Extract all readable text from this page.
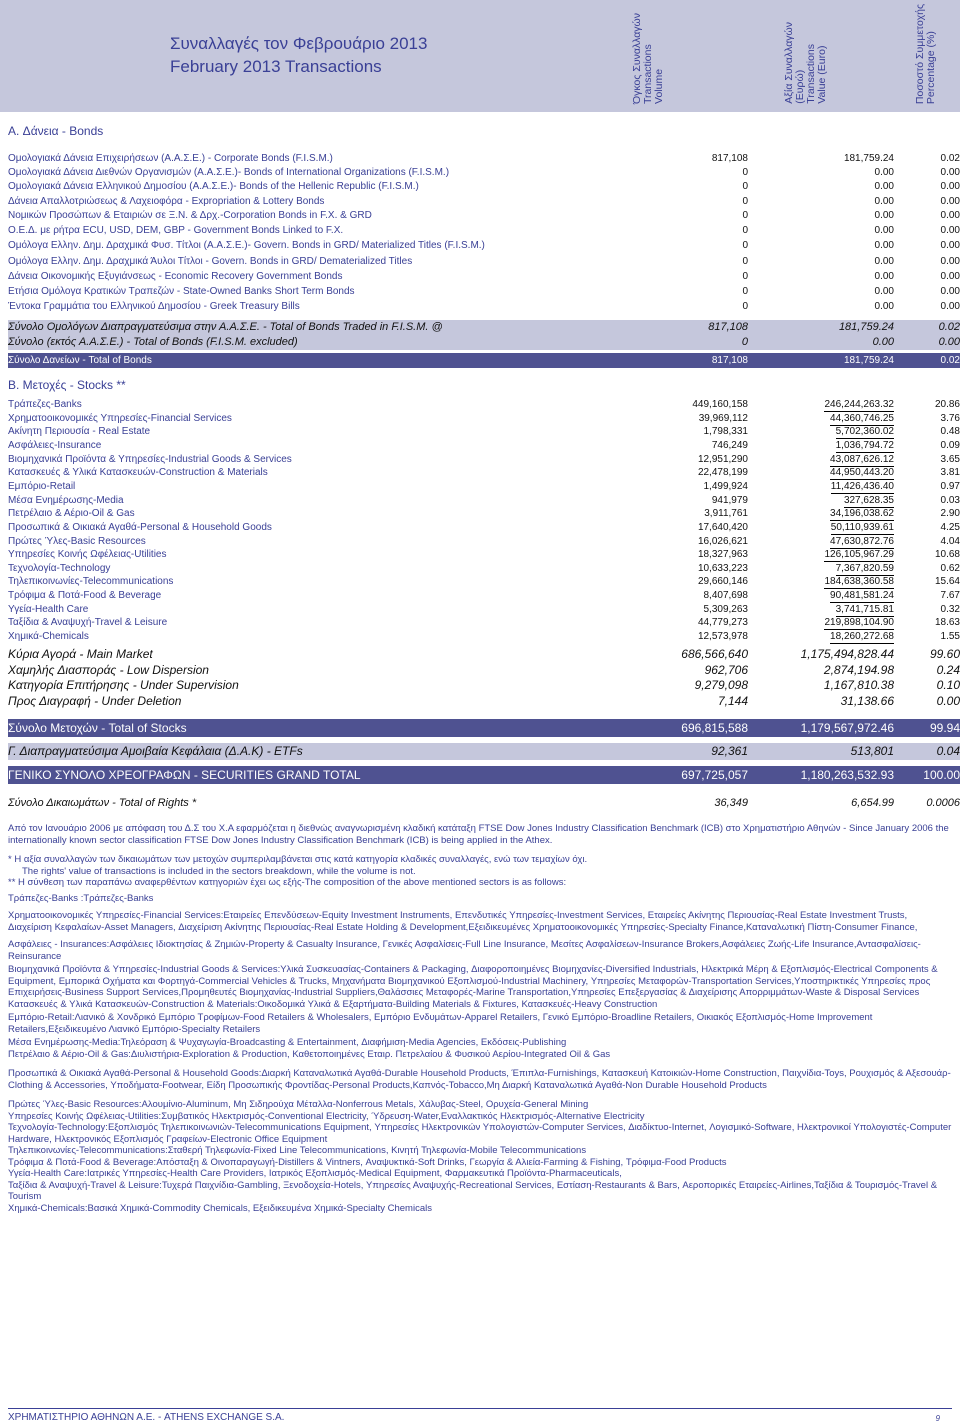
Συναλλαγές τον Φεβρουάριο 2013
February 2013 Transactions	Όγκος Συναλλαγών
Transactions
Volume	Αξία Συναλλαγών
(Ευρώ)
Transactions
Value (Euro)	Ποσοστό Συμμετοχής
Percentage (%)
A. Δάνεια - Bonds
Ομολογιακά Δάνεια Επιχειρήσεων (Α.Α.Σ.Ε.) - Corporate Bonds (F.I.S.M.)	817,108	181,759.24	0.02
Ομολογιακά Δάνεια Διεθνών Οργανισμών (Α.Α.Σ.Ε.)- Bonds of International Organizations (F.I.S.M.)	0	0.00	0.00
Ομολογιακά Δάνεια Ελληνικού Δημοσίου (Α.Α.Σ.Ε.)- Bonds of the Hellenic Republic (F.I.S.M.)	0	0.00	0.00
Δάνεια Απαλλοτριώσεως & Λαχειοφόρα - Expropriation & Lottery Bonds	0	0.00	0.00
Νομικών Προσώπων & Εταιριών σε Ξ.Ν. & Δρχ.-Corporation Bonds in F.X. & GRD	0	0.00	0.00
Ο.Ε.Δ. με ρήτρα ECU, USD, DEM, GBP - Government Bonds Linked to F.X.	0	0.00	0.00
Ομόλογα Ελλην. Δημ. Δραχμικά Φυσ. Τίτλοι (Α.Α.Σ.Ε.)- Govern. Bonds in GRD/ Materialized Titles (F.I.S.M.)	0	0.00	0.00
Ομόλογα Ελλην. Δημ. Δραχμικά Άυλοι Τίτλοι - Govern. Bonds in GRD/ Dematerialized Titles	0	0.00	0.00
Δάνεια Οικονομικής Εξυγιάνσεως - Economic Recovery Government Bonds	0	0.00	0.00
Ετήσια Ομόλογα Κρατικών Τραπεζών - State-Owned Banks Short Term Bonds	0	0.00	0.00
Έντοκα Γραμμάτια του Ελληνικού Δημοσίου - Greek Treasury Bills	0	0.00	0.00
Σύνολο Ομολόγων Διαπραγματεύσιμα στην Α.Α.Σ.Ε. - Total of Bonds Traded in F.I.S.M. @	817,108	181,759.24	0.02
Σύνολο (εκτός Α.Α.Σ.Ε.) - Total of Bonds (F.I.S.M. excluded)	0	0.00	0.00
Σύνολο Δανείων - Total of Bonds	817,108	181,759.24	0.02
B. Μετοχές - Stocks **
Τράπεζες-Banks	449,160,158	246,244,263.32	20.86
Χρηματοοικονομικές Υπηρεσίες-Financial Services	39,969,112	44,360,746.25	3.76
Ακίνητη Περιουσία - Real Estate	1,798,331	5,702,360.02	0.48
Ασφάλειες-Insurance	746,249	1,036,794.72	0.09
Βιομηχανικά Προϊόντα & Υπηρεσίες-Industrial Goods & Services	12,951,290	43,087,626.12	3.65
Κατασκευές & Υλικά Κατασκευών-Construction & Materials	22,478,199	44,950,443.20	3.81
Εμπόριο-Retail	1,499,924	11,426,436.40	0.97
Μέσα Ενημέρωσης-Media	941,979	327,628.35	0.03
Πετρέλαιο & Αέριο-Oil & Gas	3,911,761	34,196,038.62	2.90
Προσωπικά & Οικιακά Αγαθά-Personal & Household Goods	17,640,420	50,110,939.61	4.25
Πρώτες Ύλες-Basic Resources	16,026,621	47,630,872.76	4.04
Υπηρεσίες Κοινής Ωφέλειας-Utilities	18,327,963	126,105,967.29	10.68
Τεχνολογία-Technology	10,633,223	7,367,820.59	0.62
Τηλεπικοινωνίες-Telecommunications	29,660,146	184,638,360.58	15.64
Τρόφιμα & Ποτά-Food & Beverage	8,407,698	90,481,581.24	7.67
Υγεία-Health Care	5,309,263	3,741,715.81	0.32
Ταξίδια & Αναψυχή-Travel & Leisure	44,779,273	219,898,104.90	18.63
Χημικά-Chemicals	12,573,978	18,260,272.68	1.55
Κύρια Αγορά - Main Market	686,566,640	1,175,494,828.44	99.60
Χαμηλής Διασποράς - Low Dispersion	962,706	2,874,194.98	0.24
Κατηγορία Επιτήρησης - Under Supervision	9,279,098	1,167,810.38	0.10
Προς Διαγραφή - Under Deletion	7,144	31,138.66	0.00
Σύνολο Μετοχών - Total of Stocks	696,815,588	1,179,567,972.46	99.94
Γ. Διαπραγματεύσιμα Αμοιβαία Κεφάλαια (Δ.Α.Κ) - ETFs	92,361	513,801	0.04
ΓΕΝΙΚΟ ΣΥΝΟΛΟ ΧΡΕΟΓΡΑΦΩΝ - SECURITIES GRAND TOTAL	697,725,057	1,180,263,532.93 100.00
Σύνολο Δικαιωμάτων - Total of Rights *	36,349	6,654.99	0.0006

Από τον Ιανουάριο 2006 με απόφαση του Δ.Σ του Χ.Α εφαρμόζεται η διεθνώς αναγνωρισμένη κλαδική κατάταξη FTSE Dow Jones Industry Classification Benchmark (ICB) στο Χρηματιστήριο Αθηνών - Since January 2006 the internationally known sector classification FTSE Dow Jones Industry Classification Benchmark (ICB) is being applied in the Athex.

* Η αξία συναλλαγών των δικαιωμάτων των μετοχών συμπεριλαμβάνεται στις κατά κατηγορία κλαδικές συναλλαγές, ενώ των τεμαχίων όχι.

The rights' value of transactions is included in the sectors breakdown, while the volume is not.

** Η σύνθεση των παραπάνω αναφερθέντων κατηγοριών έχει ως εξής-The composition of the above mentioned sectors is as follows:

Τράπεζες-Banks :Τράπεζες-Banks

Χρηματοοικονομικές Υπηρεσίες-Financial Services:Εταιρείες Επενδύσεων-Equity Investment Instruments, Επενδυτικές Υπηρεσίες-Investment Services, Εταιρείες Ακίνητης Περιουσίας-Real Estate Investment Trusts, Διαχείριση Κεφαλαίων-Asset Managers, Διαχείριση Ακίνητης Περιουσίας-Real Estate Holding & Development,Εξειδικευμένες Χρηματοοικονομικές Υπηρεσίες-Specialty Finance,Καταναλωτική Πίστη-Consumer Finance,

Ασφάλειες - Insurances:Ασφάλειες Ιδιοκτησίας & Ζημιών-Property & Casualty Insurance, Γενικές Ασφαλίσεις-Full Line Insurance, Μεσίτες Ασφαλίσεων-Insurance Brokers,Ασφάλειες Ζωής-Life Insurance,Αντασφαλίσεις-Reinsurance

Βιομηχανικά Προϊόντα & Υπηρεσίες-Industrial Goods & Services:Υλικά Συσκευασίας-Containers & Packaging, Διαφοροποιημένες Βιομηχανίες-Diversified Industrials, Ηλεκτρικά Μέρη & Εξοπλισμός-Electrical Components & Equipment, Εμπορικά Οχήματα και Φορτηγά-Commercial Vehicles & Trucks, Μηχανήματα Βιομηχανικού Εξοπλισμού-Industrial Machinery, Υπηρεσίες Μεταφορών-Transportation Services,Υποστηρικτικές Υπηρεσίες προς Επιχειρήσεις-Business Support Services,Προμηθευτές Βιομηχανίας-Industrial Suppliers,Θαλάσσιες Μεταφορές-Marine Transportation,Υπηρεσίες Επεξεργασίας & Διαχείρισης Απορριμμάτων-Waste & Disposal Services

Κατασκευές & Υλικά Κατασκευών-Construction & Materials:Οικοδομικά Υλικά & Εξαρτήματα-Building Materials & Fixtures, Κατασκευές-Heavy Construction

Εμπόριο-Retail:Λιανικό & Χονδρικό Εμπόριο Τροφίμων-Food Retailers & Wholesalers, Εμπόριο Ενδυμάτων-Apparel Retailers, Γενικό Εμπόριο-Broadline Retailers, Οικιακός Εξοπλισμός-Home Improvement Retailers,Εξειδικευμένο Λιανικό Εμπόριο-Specialty Retailers

Μέσα Ενημέρωσης-Media:Τηλεόραση & Ψυχαγωγία-Broadcasting & Entertainment, Διαφήμιση-Media Agencies, Εκδόσεις-Publishing

Πετρέλαιο & Αέριο-Oil & Gas:Διυλιστήρια-Exploration & Production, Καθετοποιημένες Εταιρ. Πετρελαίου & Φυσικού Αερίου-Integrated Oil & Gas

Προσωπικά & Οικιακά Αγαθά-Personal & Household Goods:Διαρκή Καταναλωτικά Αγαθά-Durable Household Products, Έπιπλα-Furnishings, Κατασκευή Κατοικιών-Home Construction, Παιχνίδια-Toys, Ρουχισμός & Αξεσουάρ-Clothing & Accessories, Υποδήματα-Footwear, Είδη Προσωπικής Φροντίδας-Personal Products,Καπνός-Tobacco,Μη Διαρκή Καταναλωτικά Αγαθά-Non Durable Household Products

Πρώτες Ύλες-Basic Resources:Αλουμίνιο-Aluminum, Μη Σιδηρούχα Μέταλλα-Nonferrous Metals, Χάλυβας-Steel, Ορυχεία-General Mining

Υπηρεσίες Κοινής Ωφέλειας-Utilities:Συμβατικός Ηλεκτρισμός-Conventional Electricity, Ύδρευση-Water,Εναλλακτικός Ηλεκτρισμός-Alternative Electricity

Τεχνολογία-Technology:Εξοπλισμός Τηλεπικοινωνιών-Telecommunications Equipment, Υπηρεσίες Ηλεκτρονικών Υπολογιστών-Computer Services, Διαδίκτυο-Internet, Λογισμικό-Software, Ηλεκτρονικοί Υπολογιστές-Computer Hardware, Ηλεκτρονικός Εξοπλισμός Γραφείων-Electronic Office Equipment

Τηλεπικοινωνίες-Telecommunications:Σταθερή Τηλεφωνία-Fixed Line Telecommunications, Κινητή Τηλεφωνία-Mobile Telecommunications

Τρόφιμα & Ποτά-Food & Beverage:Απόσταξη & Οινοπαραγωγή-Distillers & Vintners, Αναψυκτικά-Soft Drinks, Γεωργία & Αλιεία-Farming & Fishing, Τρόφιμα-Food Products

Υγεία-Health Care:Ιατρικές Υπηρεσίες-Health Care Providers, Ιατρικός Εξοπλισμός-Medical Equipment, Φαρμακευτικά Προϊόντα-Pharmaceuticals,

Ταξίδια & Αναψυχή-Travel & Leisure:Τυχερά Παιχνίδια-Gambling, Ξενοδοχεία-Hotels, Υπηρεσίες Αναψυχής-Recreational Services, Εστίαση-Restaurants & Bars, Αεροπορικές Εταιρείες-Airlines,Ταξίδια & Τουρισμός-Travel & Tourism

Χημικά-Chemicals:Βασικά Χημικά-Commodity Chemicals, Εξειδικευμένα Χημικά-Specialty Chemicals

ΧΡΗΜΑΤΙΣΤΗΡΙΟ ΑΘΗΝΩΝ Α.Ε. - ATHENS EXCHANGE S.A.	9
